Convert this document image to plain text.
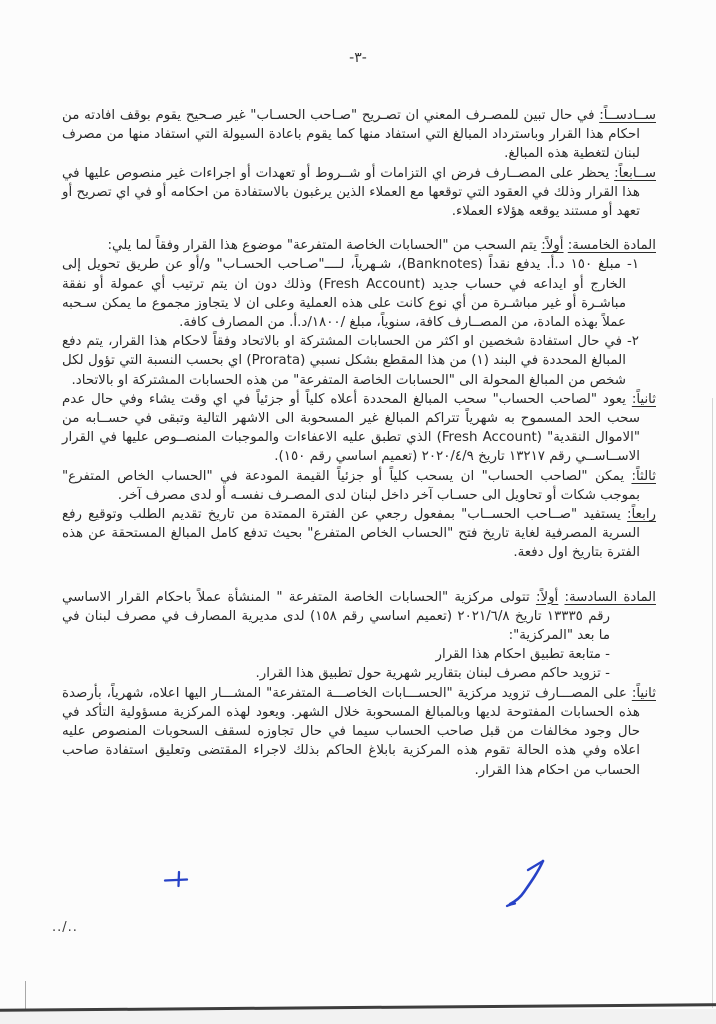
-٣-

ســادســاً: في حال تبين للمصـرف المعني ان تصـريح "صـاحب الحسـاب" غير صـحيح يقوم بوقف افادته من احكام هذا القرار وباسترداد المبالغ التي استفاد منها كما يقوم باعادة السيولة التي استفاد منها من مصرف لبنان لتغطية هذه المبالغ.

ســابعاً: يحظر على المصــارف فرض اي التزامات أو شــروط أو تعهدات أو اجراءات غير منصوص عليها في هذا القرار وذلك في العقود التي توقعها مع العملاء الذين يرغبون بالاستفادة من احكامه أو في اي تصريح أو تعهد أو مستند يوقعه هؤلاء العملاء.

المادة الخامسة: أولاً: يتم السحب من "الحسابات الخاصة المتفرعة" موضوع هذا القرار وفقاً لما يلي:

١- مبلغ ١٥٠ د.أ. يدفع نقداً (Banknotes)، شـهرياً، لــــ"صـاحب الحسـاب" و/أو عن طريق تحويل إلى الخارج أو ايداعه في حساب جديد (Fresh Account) وذلك دون ان يتم ترتيب أي عمولة أو نفقة مباشـرة أو غير مباشـرة من أي نوع كانت على هذه العملية وعلى ان لا يتجاوز مجموع ما يمكن سـحبه عملاً بهذه المادة، من المصــارف كافة، سنوياً، مبلغ /١٨٠٠/د.أ. من المصارف كافة.

٢- في حال استفادة شخصين او اكثر من الحسابات المشتركة او بالاتحاد وفقاً لاحكام هذا القرار، يتم دفع المبالغ المحددة في البند (١) من هذا المقطع بشكل نسبي (Prorata) اي بحسب النسبة التي تؤول لكل شخص من المبالغ المحولة الى "الحسابات الخاصة المتفرعة" من هذه الحسابات المشتركة او بالاتحاد.

ثانياً: يعود "لصاحب الحساب" سحب المبالغ المحددة أعلاه كلياً أو جزئياً في اي وقت يشاء وفي حال عدم سحب الحد المسموح به شهرياً تتراكم المبالغ غير المسحوبة الى الاشهر التالية وتبقى في حســابه من "الاموال النقدية" (Fresh Account) الذي تطبق عليه الاعفاءات والموجبات المنصــوص عليها في القرار الاســاســي رقم ١٣٢١٧ تاريخ ٢٠٢٠/٤/٩ (تعميم اساسي رقم ١٥٠).

ثالثاً: يمكن "لصاحب الحساب" ان يسحب كلياً أو جزئياً القيمة المودعة في "الحساب الخاص المتفرع" بموجب شكات أو تحاويل الى حسـاب آخر داخل لبنان لدى المصـرف نفسـه أو لدى مصرف آخر.

رابعاً: يستفيد "صــاحب الحســاب" بمفعول رجعي عن الفترة الممتدة من تاريخ تقديم الطلب وتوقيع رفع السرية المصرفية لغاية تاريخ فتح "الحساب الخاص المتفرع" بحيث تدفع كامل المبالغ المستحقة عن هذه الفترة بتاريخ اول دفعة.

المادة السادسة: أولاً: تتولى مركزية "الحسابات الخاصة المتفرعة " المنشأة عملاً باحكام القرار الاساسي رقم ١٣٣٣٥ تاريخ ٢٠٢١/٦/٨ (تعميم اساسي رقم ١٥٨) لدى مديرية المصارف في مصرف لبنان في ما بعد "المركزية":

- متابعة تطبيق احكام هذا القرار

- تزويد حاكم مصرف لبنان بتقارير شهرية حول تطبيق هذا القرار.

ثانياً: على المصـــارف تزويد مركزية "الحســـابات الخاصـــة المتفرعة" المشـــار اليها اعلاه، شهرياً، بأرصدة هذه الحسابات المفتوحة لديها وبالمبالغ المسحوبة خلال الشهر. ويعود لهذه المركزية مسؤولية التأكد في حال وجود مخالفات من قبل صاحب الحساب سيما في حال تجاوزه لسقف السحوبات المنصوص عليه اعلاه وفي هذه الحالة تقوم هذه المركزية بابلاغ الحاكم بذلك لاجراء المقتضى وتعليق استفادة صاحب الحساب من احكام هذا القرار.

../..
